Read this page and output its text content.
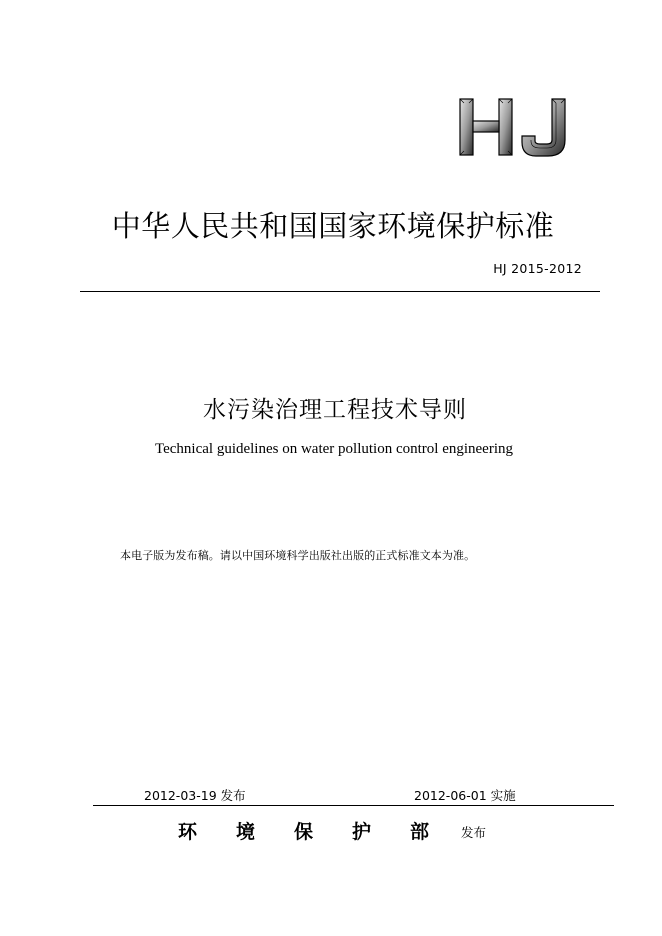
中华人民共和国国家环境保护标准
HJ 2015-2012
水污染治理工程技术导则
Technical guidelines on water pollution control engineering
本电子版为发布稿。请以中国环境科学出版社出版的正式标准文本为准。
2012-03-19 发布	2012-06-01 实施
环	境	保	护	部	发布
